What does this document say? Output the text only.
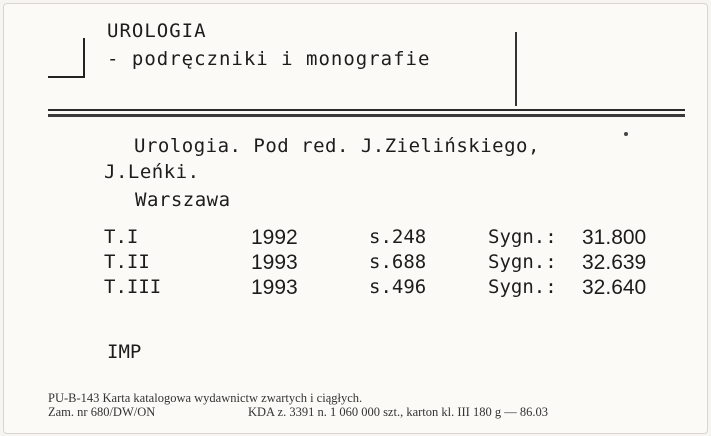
UROLOGIA
- podręczniki i monografie
Urologia. Pod red. J.Zielińskiego,
J.Leńki.
Warszawa
T.I	1992	s.248	Sygn.: 31.800
T.II	1993	s.688	Sygn.: 32.639
T.III	1993	s.496	Sygn.: 32.640
IMP
PU-B-143 Karta katalogowa wydawnictw zwartych i ciągłych.
Zam. nr 680/DW/ON	KDA z. 3391 n. 1 060 000 szt., karton kl. III 180 g — 86.03
